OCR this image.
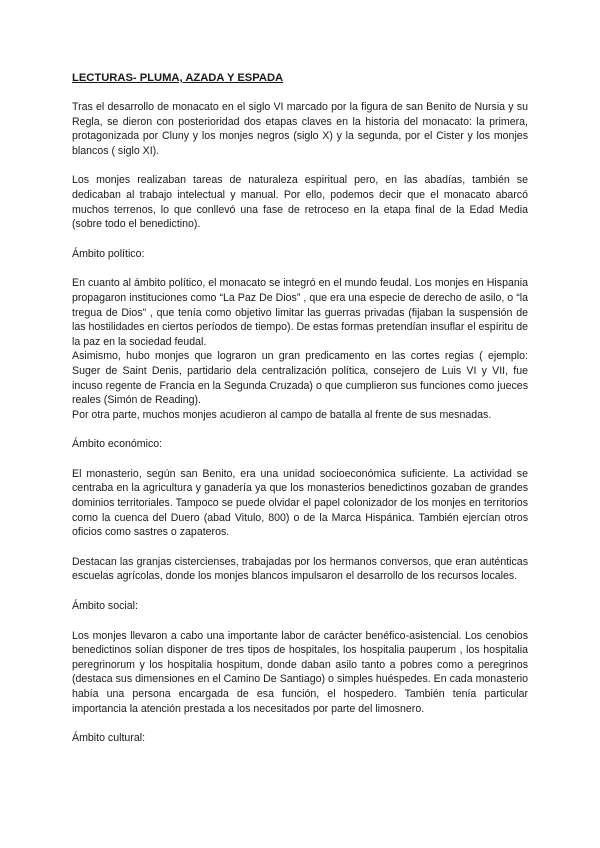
LECTURAS- PLUMA, AZADA Y ESPADA

Tras el desarrollo de monacato en el siglo VI marcado por la figura de san Benito de Nursia y su Regla, se dieron con posterioridad dos etapas claves en la historia del monacato: la primera, protagonizada por Cluny y los monjes negros (siglo X) y la segunda, por el Cister y los monjes blancos ( siglo XI).

Los monjes realizaban tareas de naturaleza espiritual pero, en las abadías, también se dedicaban al trabajo intelectual y manual. Por ello, podemos decir que el monacato abarcó muchos terrenos, lo que conllevó una fase de retroceso en la etapa final de la Edad Media (sobre todo el benedictino).

Ámbito político:

En cuanto al ámbito político, el monacato se integró en el mundo feudal. Los monjes en Hispania propagaron instituciones como “La Paz De Dios” , que era una especie de derecho de asilo, o “la tregua de Dios” , que tenía como objetivo limitar las guerras privadas (fijaban la suspensión de las hostilidades en ciertos períodos de tiempo). De estas formas pretendían insuflar el espíritu de la paz en la sociedad feudal.

Asimismo, hubo monjes que lograron un gran predicamento en las cortes regias ( ejemplo: Suger de Saint Denis, partidario dela centralización política, consejero de Luis VI y VII, fue incuso regente de Francia en la Segunda Cruzada) o que cumplieron sus funciones como jueces reales (Simón de Reading).

Por otra parte, muchos monjes acudieron al campo de batalla al frente de sus mesnadas.

Ámbito económico:

El monasterio, según san Benito, era una unidad socioeconómica suficiente. La actividad se centraba en la agricultura y ganadería ya que los monasterios benedictinos gozaban de grandes dominios territoriales. Tampoco se puede olvidar el papel colonizador de los monjes en territorios como la cuenca del Duero (abad Vitulo, 800) o de la Marca Hispánica. También ejercían otros oficios como sastres o zapateros.

Destacan las granjas cistercienses, trabajadas por los hermanos conversos, que eran auténticas escuelas agrícolas, donde los monjes blancos impulsaron el desarrollo de los recursos locales.

Ámbito social:

Los monjes llevaron a cabo una importante labor de carácter benéfico-asistencial. Los cenobios benedictinos solían disponer de tres tipos de hospitales, los hospitalia pauperum , los hospitalia peregrinorum y los hospitalia hospitum, donde daban asilo tanto a pobres como a peregrinos (destaca sus dimensiones en el Camino De Santiago) o simples huéspedes. En cada monasterio había una persona encargada de esa función, el hospedero. También tenía particular importancia la atención prestada a los necesitados por parte del limosnero.

Ámbito cultural:
